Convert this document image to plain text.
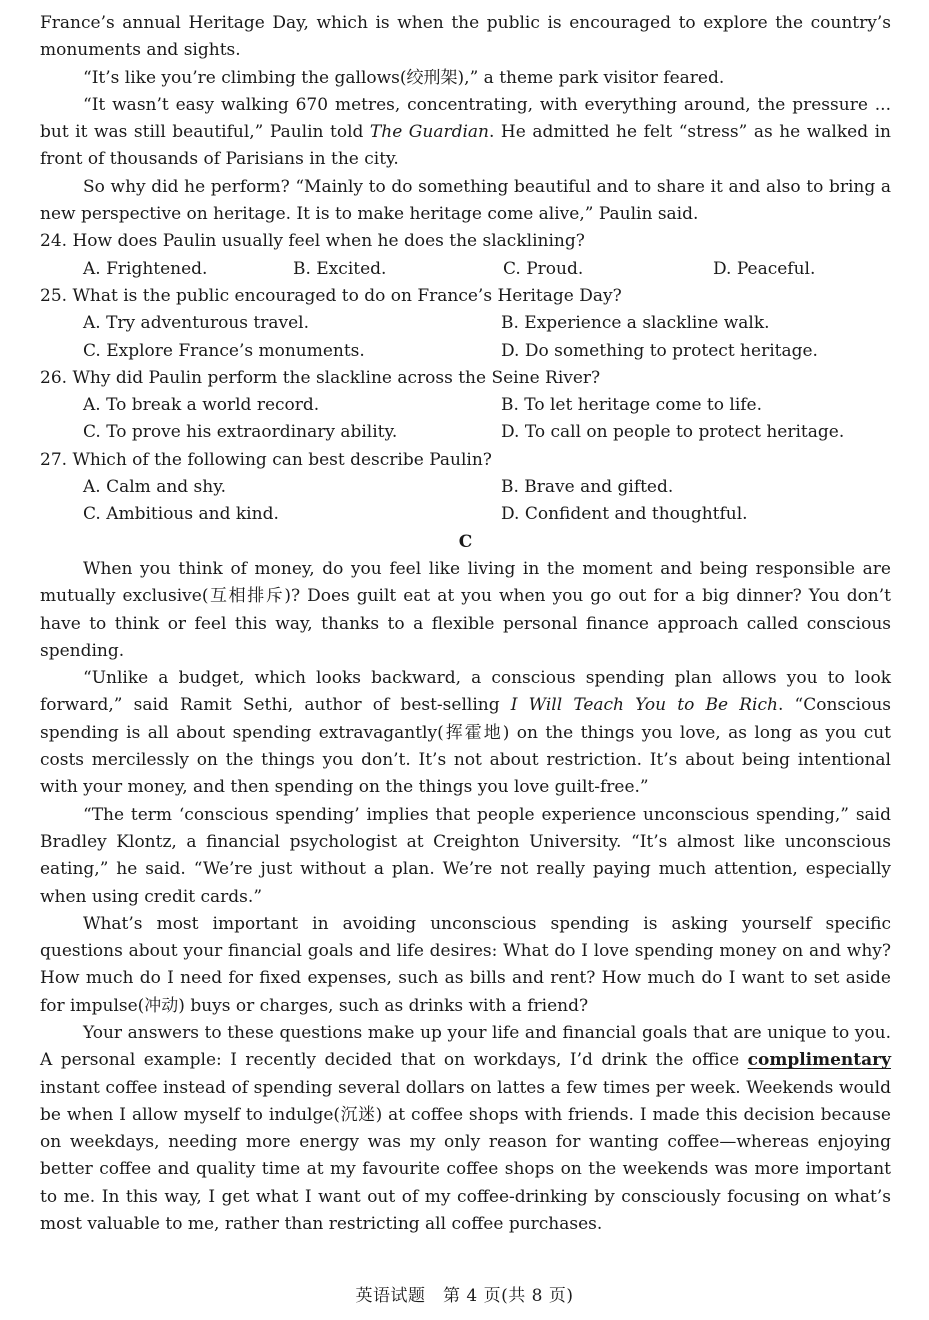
France’s annual Heritage Day, which is when the public is encouraged to explore the country’s monuments and sights.

“It’s like you’re climbing the gallows(绞刑架),” a theme park visitor feared.

“It wasn’t easy walking 670 metres, concentrating, with everything around, the pressure ... but it was still beautiful,” Paulin told The Guardian. He admitted he felt “stress” as he walked in front of thousands of Parisians in the city.

So why did he perform? “Mainly to do something beautiful and to share it and also to bring a new perspective on heritage. It is to make heritage come alive,” Paulin said.

24. How does Paulin usually feel when he does the slacklining?

A. Frightened.	B. Excited.	C. Proud.	D. Peaceful.

25. What is the public encouraged to do on France’s Heritage Day?

A. Try adventurous travel.	B. Experience a slackline walk.
C. Explore France’s monuments.	D. Do something to protect heritage.

26. Why did Paulin perform the slackline across the Seine River?

A. To break a world record.	B. To let heritage come to life.
C. To prove his extraordinary ability.	D. To call on people to protect heritage.

27. Which of the following can best describe Paulin?

A. Calm and shy.	B. Brave and gifted.
C. Ambitious and kind.	D. Confident and thoughtful.

C

When you think of money, do you feel like living in the moment and being responsible are mutually exclusive(互相排斥)? Does guilt eat at you when you go out for a big dinner? You don’t have to think or feel this way, thanks to a flexible personal finance approach called conscious spending.

“Unlike a budget, which looks backward, a conscious spending plan allows you to look forward,” said Ramit Sethi, author of best-selling I Will Teach You to Be Rich. “Conscious spending is all about spending extravagantly(挥霍地) on the things you love, as long as you cut costs mercilessly on the things you don’t. It’s not about restriction. It’s about being intentional with your money, and then spending on the things you love guilt-free.”

“The term ‘conscious spending’ implies that people experience unconscious spending,” said Bradley Klontz, a financial psychologist at Creighton University. “It’s almost like unconscious eating,” he said. “We’re just without a plan. We’re not really paying much attention, especially when using credit cards.”

What’s most important in avoiding unconscious spending is asking yourself specific questions about your financial goals and life desires: What do I love spending money on and why? How much do I need for fixed expenses, such as bills and rent? How much do I want to set aside for impulse(冲动) buys or charges, such as drinks with a friend?

Your answers to these questions make up your life and financial goals that are unique to you. A personal example: I recently decided that on workdays, I’d drink the office complimentary instant coffee instead of spending several dollars on lattes a few times per week. Weekends would be when I allow myself to indulge(沉迷) at coffee shops with friends. I made this decision because on weekdays, needing more energy was my only reason for wanting coffee—whereas enjoying better coffee and quality time at my favourite coffee shops on the weekends was more important to me. In this way, I get what I want out of my coffee-drinking by consciously focusing on what’s most valuable to me, rather than restricting all coffee purchases.

英语试题　第 4 页(共 8 页)
